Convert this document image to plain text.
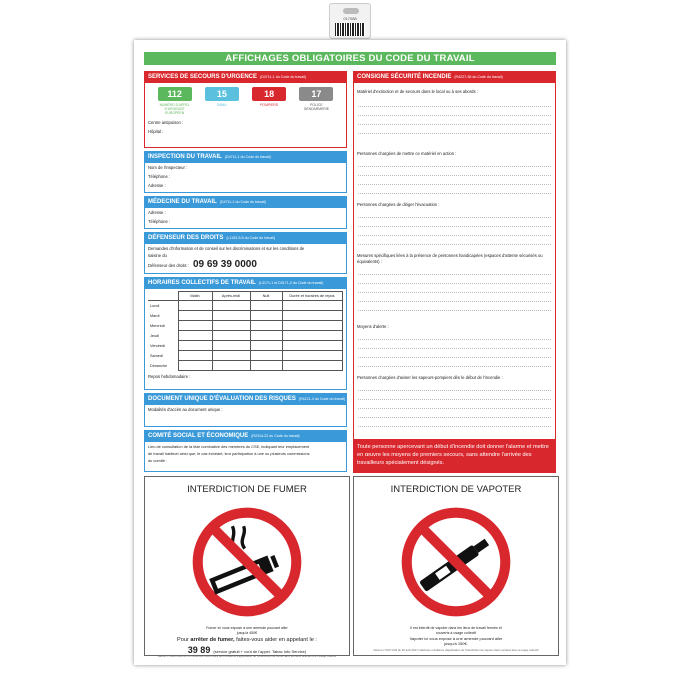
017088
AFFICHAGES OBLIGATOIRES DU CODE DU TRAVAIL
SERVICES DE SECOURS D'URGENCE (D4711-1 du Code du travail)
112
NUMÉRO D'APPEL D'URGENCE EUROPÉEN
15
SAMU
18
POMPIERS
17
POLICE GENDARMERIE
Centre antipoison :
Hôpital :
INSPECTION DU TRAVAIL (D4711-1 du Code du travail)
Nom de l'inspecteur :
Téléphone :
Adresse :
MÉDECINE DU TRAVAIL (D4711-1 du Code du travail)
Adresse :
Téléphone :
DÉFENSEUR DES DROITS (L1153-5-5 du Code du travail)
Demandes d'information et de conseil sur les discriminations et sur les conditions de
saisine du
Défenseur des droits : 09 69 39 0000
HORAIRES COLLECTIFS DE TRAVAIL (L3171-1 et D3171-2 du Code du travail)
	Matin	Après-midi	Nuit	Durée et horaires de repos
Lundi				
Mardi				
Mercredi				
Jeudi				
Vendredi				
Samedi				
Dimanche				
Repos hebdomadaire :
DOCUMENT UNIQUE D'ÉVALUATION DES RISQUES (R4121-4 du Code du travail)
Modalités d'accès au document unique :
COMITÉ SOCIAL ET ÉCONOMIQUE (R2314-22 du Code du travail)
Lieu de consultation de la liste nominative des membres du CSE, indiquant leur emplacement
de travail habituel ainsi que, le cas échéant, leur participation à une ou plusieurs commissions
du comité :
CONSIGNE SÉCURITÉ INCENDIE (R4227-38 du Code du travail)
Matériel d'extinction et de secours dans le local ou à ses abords :
Personnes chargées de mettre ce matériel en action :
Personnes chargées de diriger l'évacuation :
Mesures spécifiques liées à la présence de personnes handicapées (espaces d'attente sécurisés ou équivalents) :
Moyens d'alerte :
Personnes chargées d'aviser les sapeurs-pompiers dès le début de l'incendie :
Toute personne apercevant un début d'incendie doit donner l'alarme et mettre en œuvre les moyens de premiers secours, sans attendre l'arrivée des travailleurs spécialement désignés.
INTERDICTION DE FUMER
Fumer ici vous expose à une amende pouvant aller jusqu'à 450€
Pour arrêter de fumer, faites-vous aider en appelant le :
39 89 (service gratuit + coût de l'appel. Tabac Info Service)
Décret n°2006-1386 du 15 novembre 2006 fixant les conditions d'application de l'interdiction de fumer dans les lieux affectés à un usage collectif
INTERDICTION DE VAPOTER
Il est interdit de vapoter dans les lieux de travail fermés et couverts à usage collectif
Vapoter ici vous expose à une amende pouvant aller jusqu'à 150€.
Décret n°2017-633 du 25 avril 2017 relatif aux conditions d'application de l'interdiction de vapoter dans certains lieux à usage collectif
